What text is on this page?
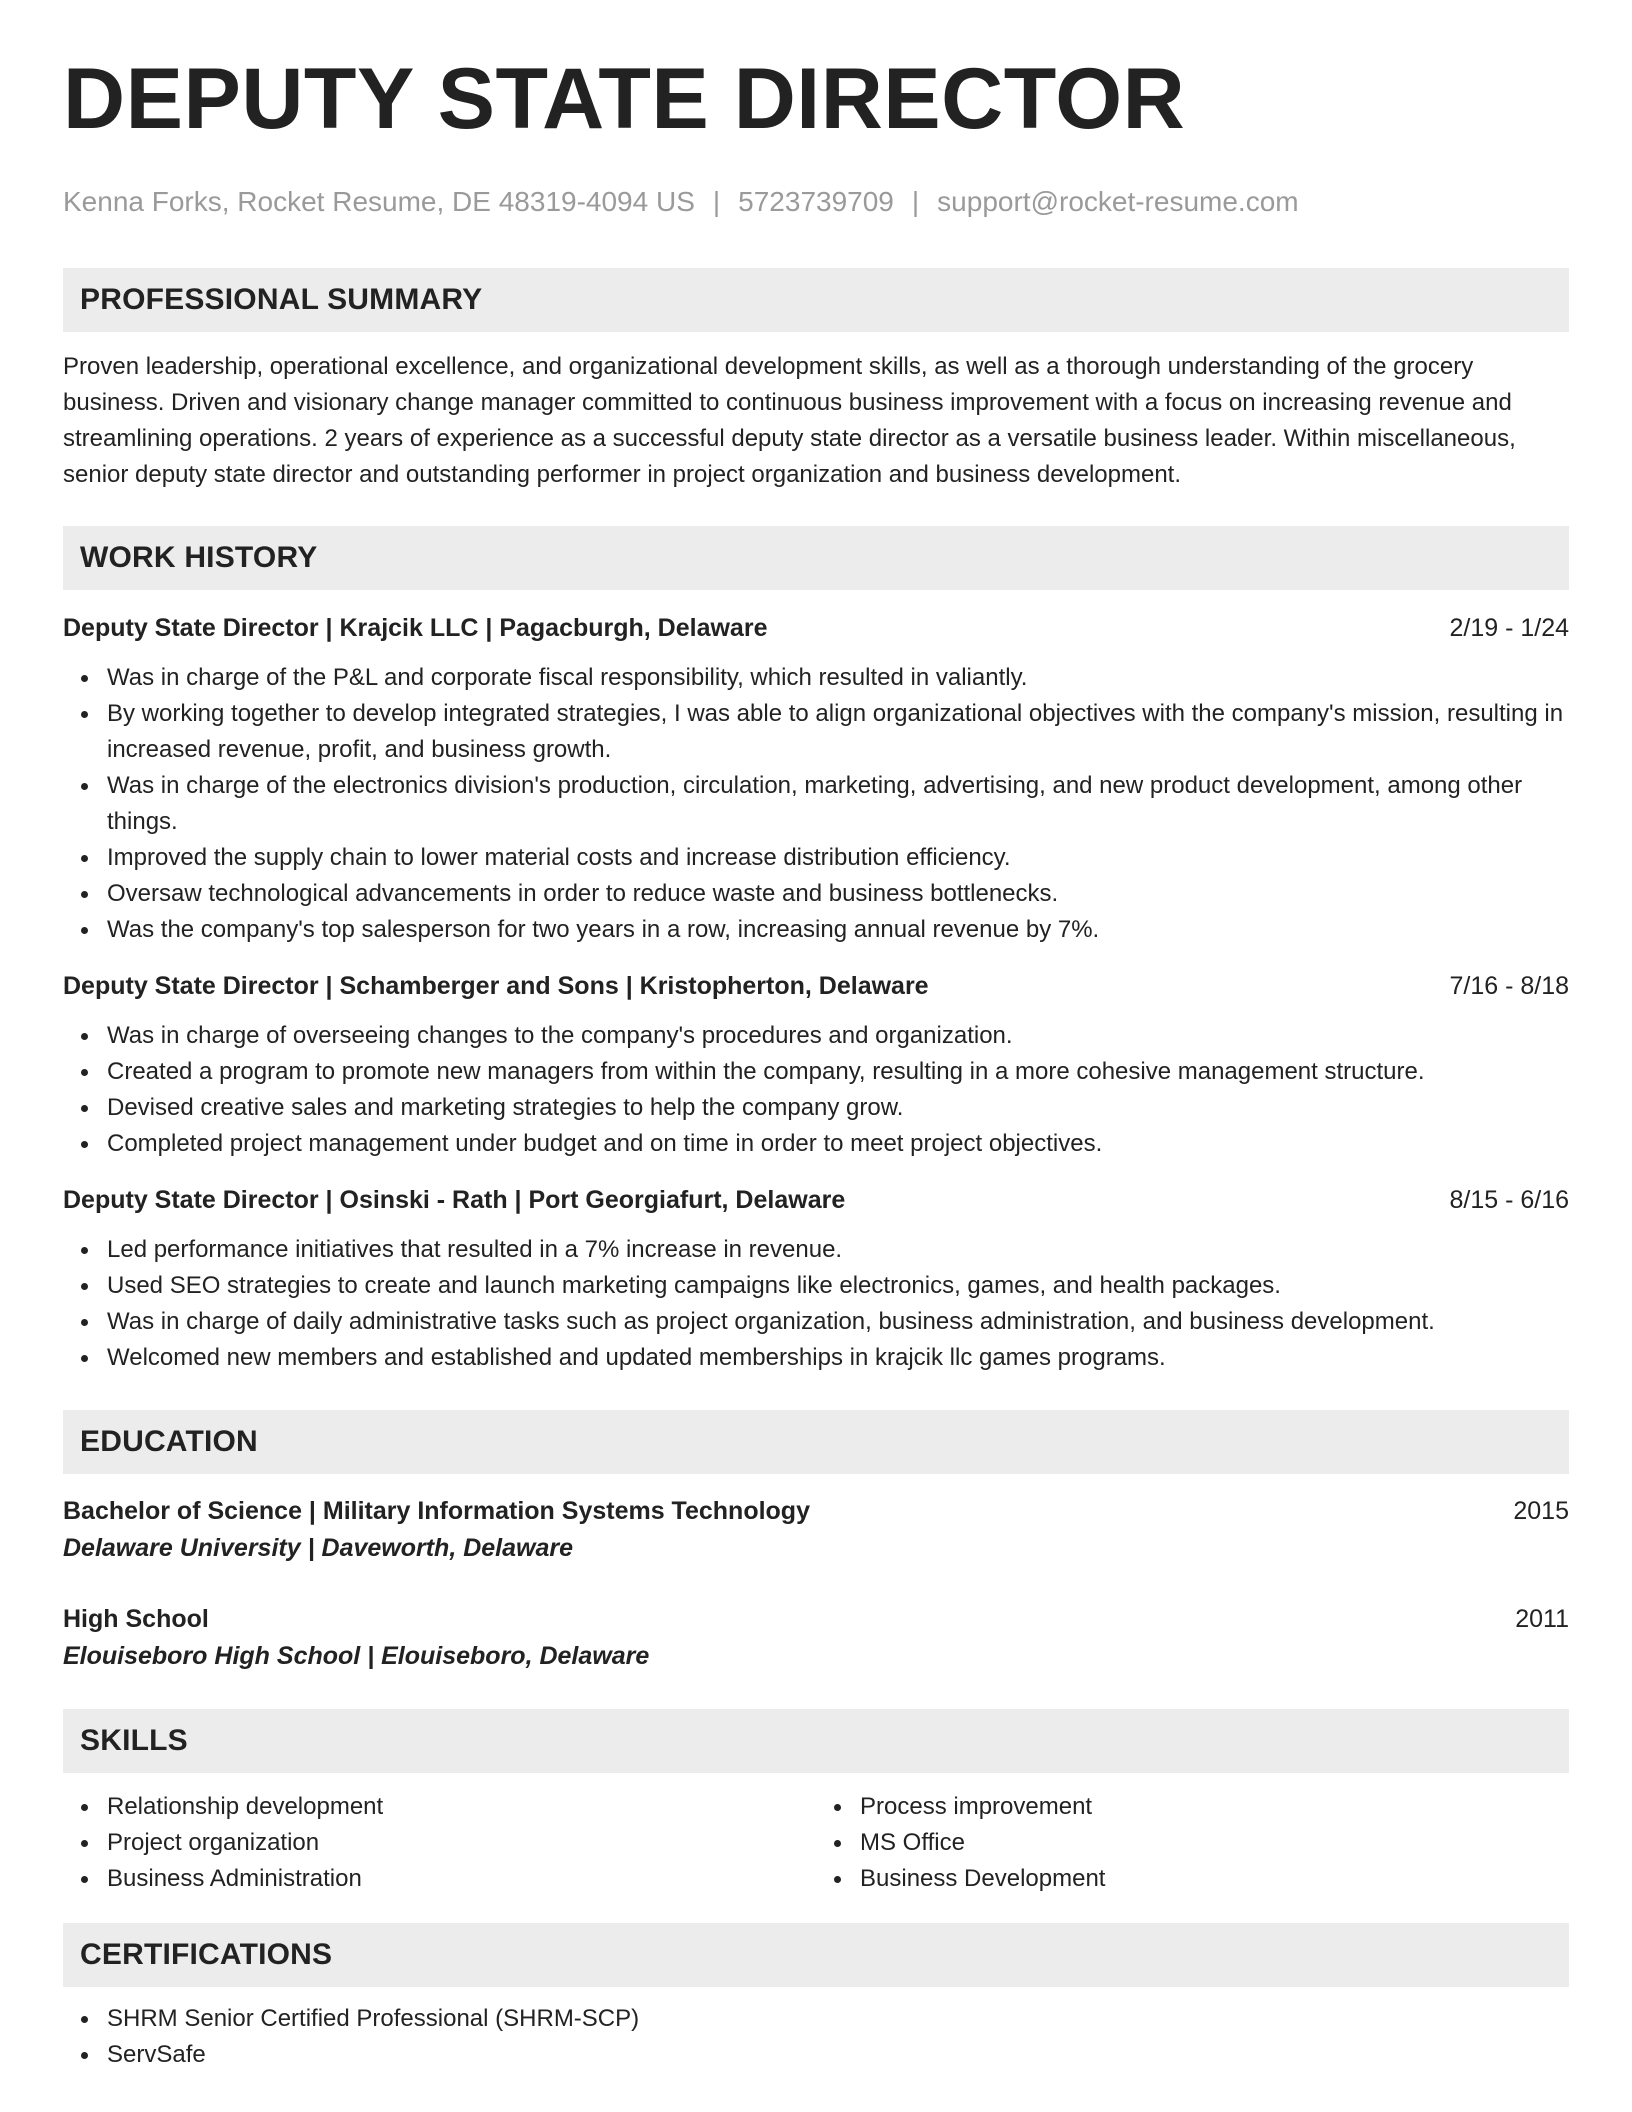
DEPUTY STATE DIRECTOR
Kenna Forks, Rocket Resume, DE 48319-4094 US | 5723739709 | support@rocket-resume.com
PROFESSIONAL SUMMARY
Proven leadership, operational excellence, and organizational development skills, as well as a thorough understanding of the grocery business. Driven and visionary change manager committed to continuous business improvement with a focus on increasing revenue and streamlining operations. 2 years of experience as a successful deputy state director as a versatile business leader. Within miscellaneous, senior deputy state director and outstanding performer in project organization and business development.
WORK HISTORY
Deputy State Director | Krajcik LLC | Pagacburgh, Delaware	2/19 - 1/24
Was in charge of the P&L and corporate fiscal responsibility, which resulted in valiantly.
By working together to develop integrated strategies, I was able to align organizational objectives with the company's mission, resulting in increased revenue, profit, and business growth.
Was in charge of the electronics division's production, circulation, marketing, advertising, and new product development, among other things.
Improved the supply chain to lower material costs and increase distribution efficiency.
Oversaw technological advancements in order to reduce waste and business bottlenecks.
Was the company's top salesperson for two years in a row, increasing annual revenue by 7%.
Deputy State Director | Schamberger and Sons | Kristopherton, Delaware	7/16 - 8/18
Was in charge of overseeing changes to the company's procedures and organization.
Created a program to promote new managers from within the company, resulting in a more cohesive management structure.
Devised creative sales and marketing strategies to help the company grow.
Completed project management under budget and on time in order to meet project objectives.
Deputy State Director | Osinski - Rath | Port Georgiafurt, Delaware	8/15 - 6/16
Led performance initiatives that resulted in a 7% increase in revenue.
Used SEO strategies to create and launch marketing campaigns like electronics, games, and health packages.
Was in charge of daily administrative tasks such as project organization, business administration, and business development.
Welcomed new members and established and updated memberships in krajcik llc games programs.
EDUCATION
Bachelor of Science | Military Information Systems Technology	2015
Delaware University | Daveworth, Delaware
High School	2011
Elouiseboro High School | Elouiseboro, Delaware
SKILLS
Relationship development
Project organization
Business Administration
Process improvement
MS Office
Business Development
CERTIFICATIONS
SHRM Senior Certified Professional (SHRM-SCP)
ServSafe
